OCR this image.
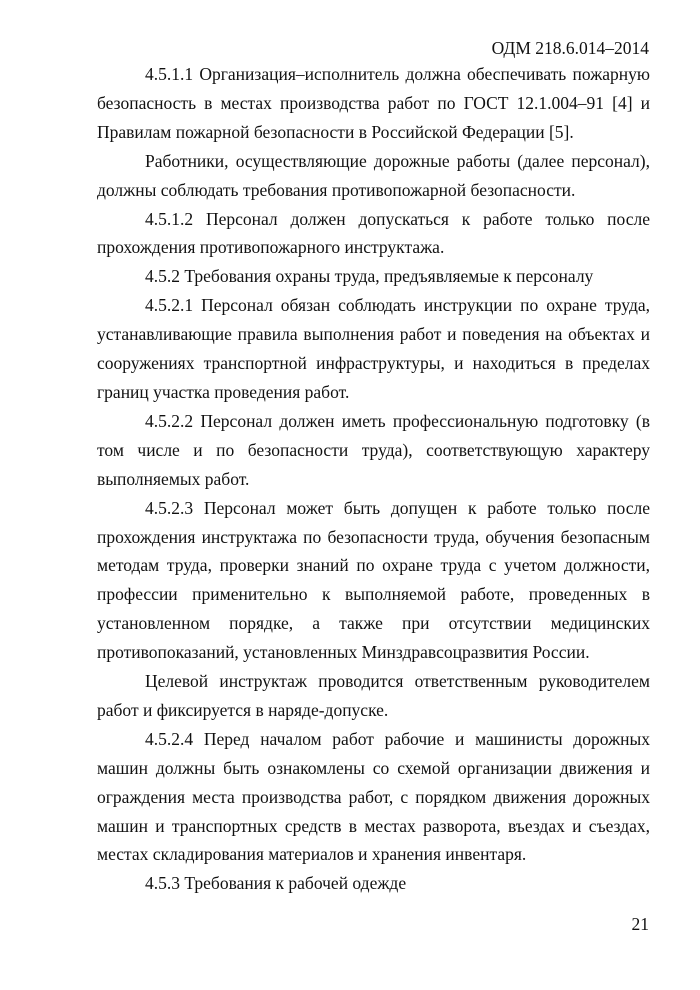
ОДМ 218.6.014–2014

4.5.1.1 Организация–исполнитель должна обеспечивать пожарную безопасность в местах производства работ по ГОСТ 12.1.004–91 [4] и Правилам пожарной безопасности в Российской Федерации [5].

Работники, осуществляющие дорожные работы (далее персонал), должны соблюдать требования противопожарной безопасности.

4.5.1.2 Персонал должен допускаться к работе только после прохождения противопожарного инструктажа.

4.5.2 Требования охраны труда, предъявляемые к персоналу

4.5.2.1 Персонал обязан соблюдать инструкции по охране труда, устанавливающие правила выполнения работ и поведения на объектах и сооружениях транспортной инфраструктуры, и находиться в пределах границ участка проведения работ.

4.5.2.2 Персонал должен иметь профессиональную подготовку (в том числе и по безопасности труда), соответствующую характеру выполняемых работ.

4.5.2.3 Персонал может быть допущен к работе только после прохождения инструктажа по безопасности труда, обучения безопасным методам труда, проверки знаний по охране труда с учетом должности, профессии применительно к выполняемой работе, проведенных в установленном порядке, а также при отсутствии медицинских противопоказаний, установленных Минздравсоцразвития России.

Целевой инструктаж проводится ответственным руководителем работ и фиксируется в наряде-допуске.

4.5.2.4 Перед началом работ рабочие и машинисты дорожных машин должны быть ознакомлены со схемой организации движения и ограждения места производства работ, с порядком движения дорожных машин и транспортных средств в местах разворота, въездах и съездах, местах складирования материалов и хранения инвентаря.

4.5.3 Требования к рабочей одежде

21
